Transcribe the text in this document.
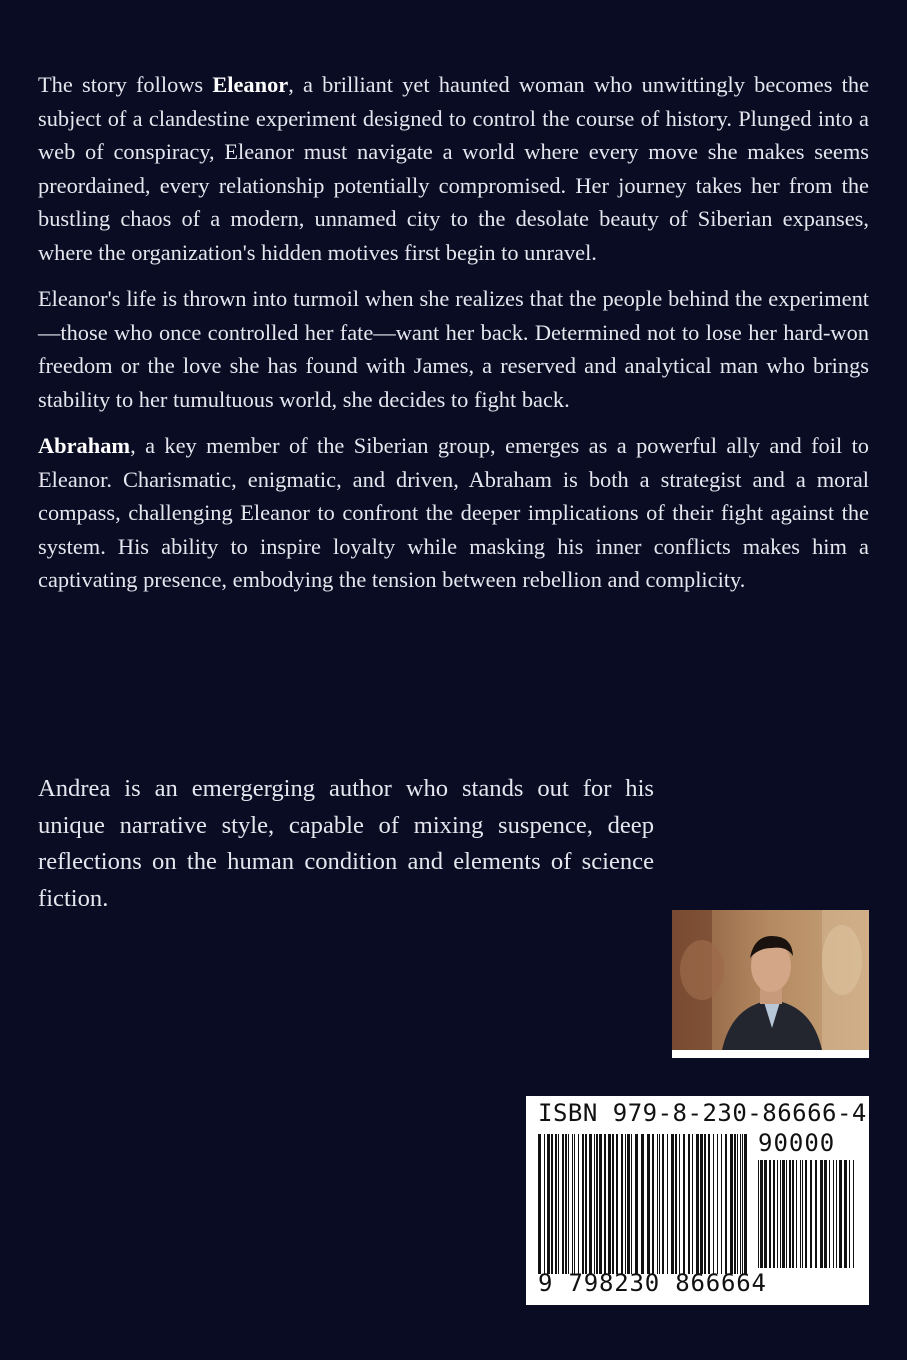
The story follows Eleanor, a brilliant yet haunted woman who unwittingly becomes the subject of a clandestine experiment designed to control the course of history. Plunged into a web of conspiracy, Eleanor must navigate a world where every move she makes seems preordained, every relationship potentially compromised. Her journey takes her from the bustling chaos of a modern, unnamed city to the desolate beauty of Siberian expanses, where the organization's hidden motives first begin to unravel.

Eleanor's life is thrown into turmoil when she realizes that the people behind the experiment—those who once controlled her fate—want her back. Determined not to lose her hard-won freedom or the love she has found with James, a reserved and analytical man who brings stability to her tumultuous world, she decides to fight back.

Abraham, a key member of the Siberian group, emerges as a powerful ally and foil to Eleanor. Charismatic, enigmatic, and driven, Abraham is both a strategist and a moral compass, challenging Eleanor to confront the deeper implications of their fight against the system. His ability to inspire loyalty while masking his inner conflicts makes him a captivating presence, embodying the tension between rebellion and complicity.

Andrea is an emergerging author who stands out for his unique narrative style, capable of mixing suspence, deep reflections on the human condition and elements of science fiction.

ISBN 979-8-230-86666-4
90000
9 798230 866664
